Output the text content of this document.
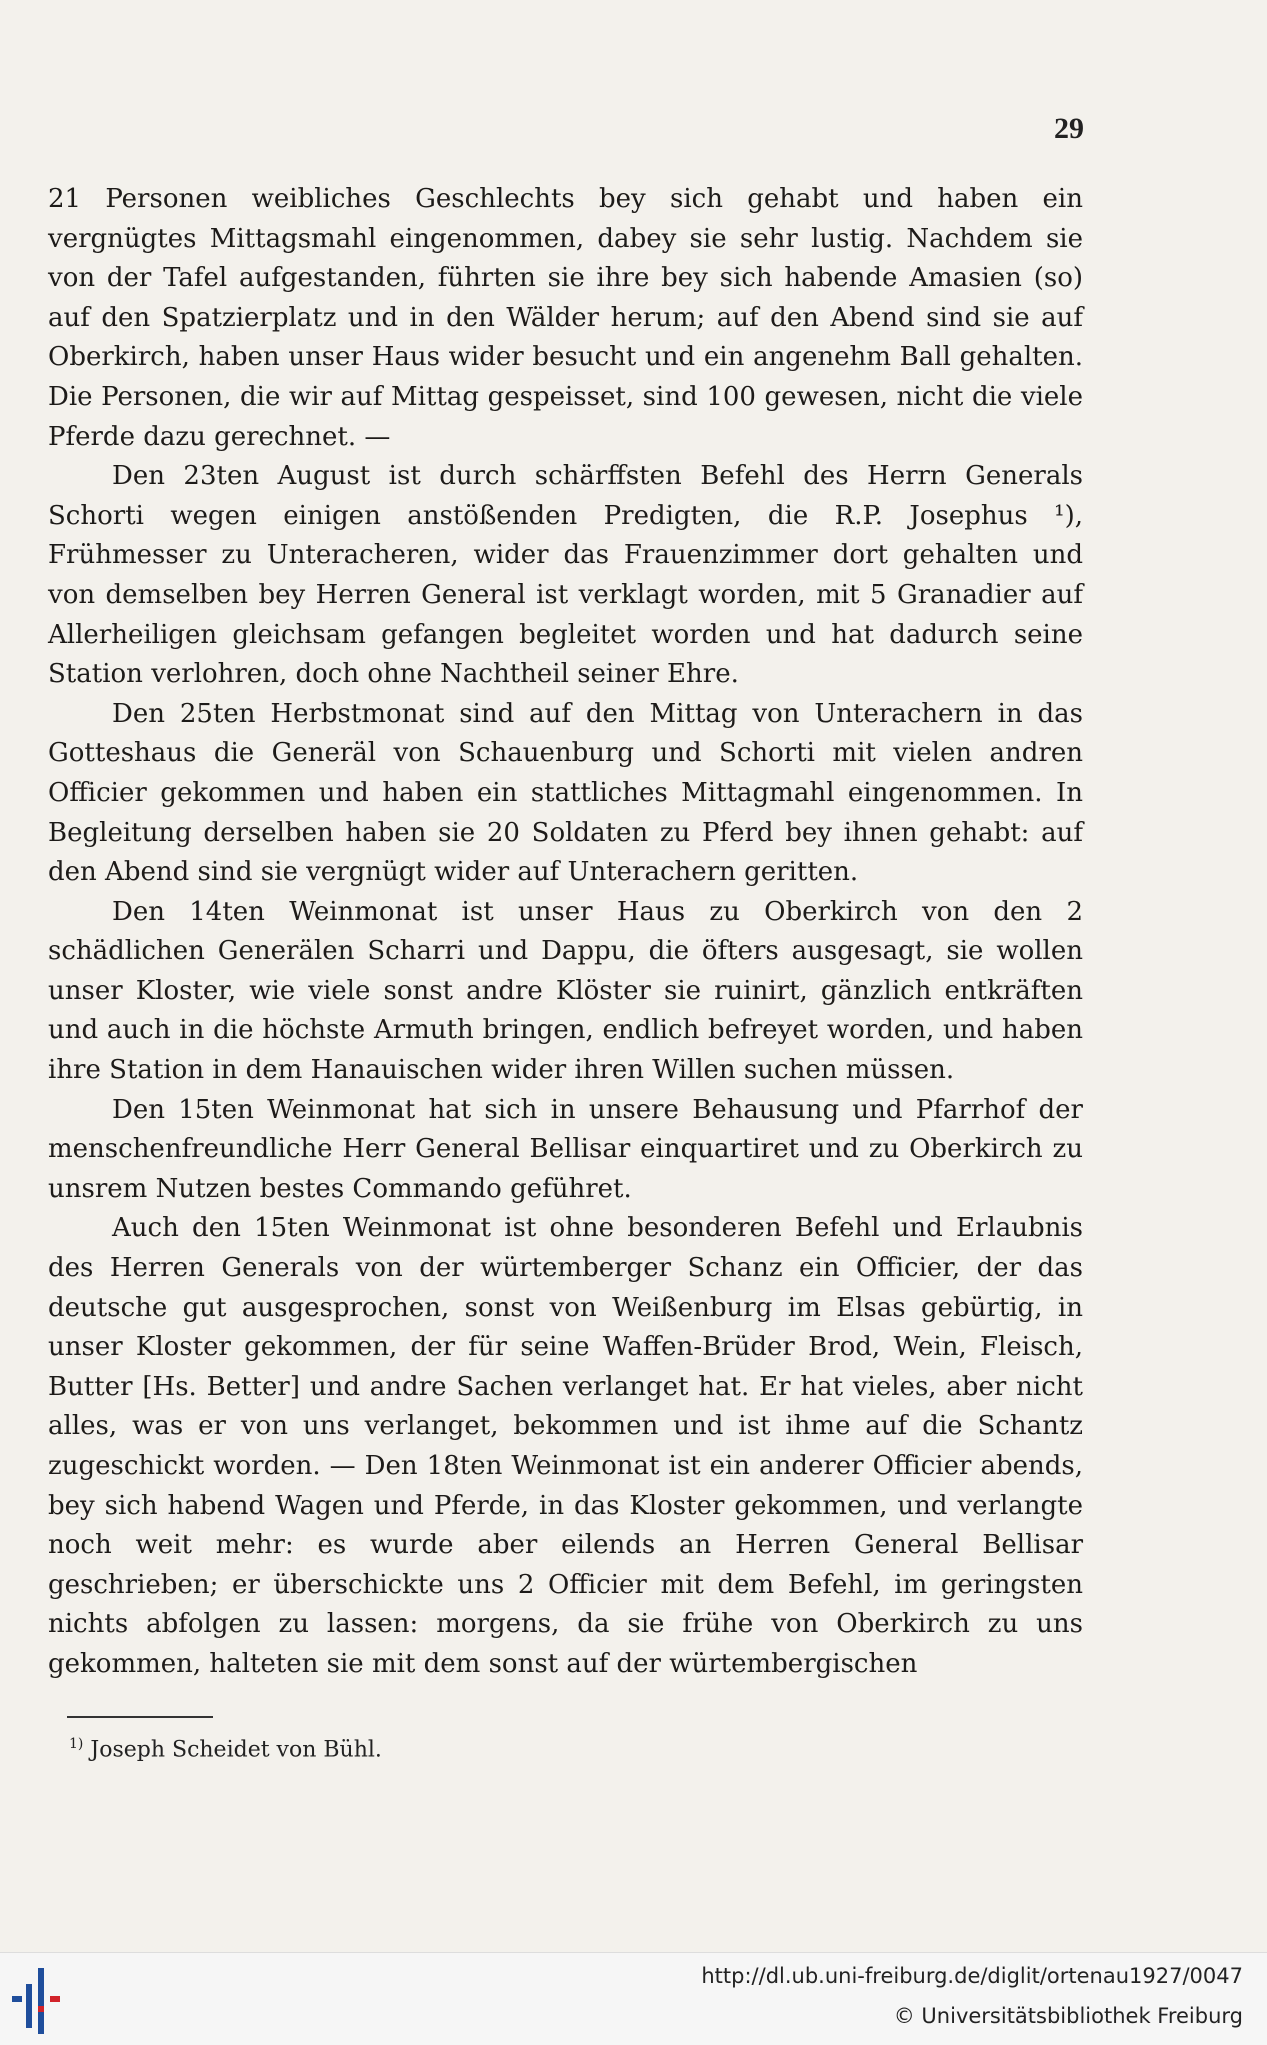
29

21 Personen weibliches Geschlechts bey sich gehabt und haben ein vergnügtes Mittagsmahl eingenommen, dabey sie sehr lustig. Nachdem sie von der Tafel aufgestanden, führten sie ihre bey sich habende Amasien (so) auf den Spatzierplatz und in den Wälder herum; auf den Abend sind sie auf Oberkirch, haben unser Haus wider besucht und ein angenehm Ball gehalten. Die Personen, die wir auf Mittag gespeisset, sind 100 gewesen, nicht die viele Pferde dazu gerechnet. —

Den 23ten August ist durch schärffsten Befehl des Herrn Generals Schorti wegen einigen anstößenden Predigten, die R.P. Josephus ¹), Frühmesser zu Unteracheren, wider das Frauenzimmer dort gehalten und von demselben bey Herren General ist verklagt worden, mit 5 Granadier auf Allerheiligen gleichsam gefangen begleitet worden und hat dadurch seine Station verlohren, doch ohne Nachtheil seiner Ehre.

Den 25ten Herbstmonat sind auf den Mittag von Unterachern in das Gotteshaus die Generäl von Schauenburg und Schorti mit vielen andren Officier gekommen und haben ein stattliches Mittagmahl eingenommen. In Begleitung derselben haben sie 20 Soldaten zu Pferd bey ihnen gehabt: auf den Abend sind sie vergnügt wider auf Unterachern geritten.

Den 14ten Weinmonat ist unser Haus zu Oberkirch von den 2 schädlichen Generälen Scharri und Dappu, die öfters ausgesagt, sie wollen unser Kloster, wie viele sonst andre Klöster sie ruinirt, gänzlich entkräften und auch in die höchste Armuth bringen, endlich befreyet worden, und haben ihre Station in dem Hanauischen wider ihren Willen suchen müssen.

Den 15ten Weinmonat hat sich in unsere Behausung und Pfarrhof der menschenfreundliche Herr General Bellisar einquartiret und zu Oberkirch zu unsrem Nutzen bestes Commando geführet.

Auch den 15ten Weinmonat ist ohne besonderen Befehl und Erlaubnis des Herren Generals von der würtemberger Schanz ein Officier, der das deutsche gut ausgesprochen, sonst von Weißenburg im Elsas gebürtig, in unser Kloster gekommen, der für seine Waffen-Brüder Brod, Wein, Fleisch, Butter [Hs. Better] und andre Sachen verlanget hat. Er hat vieles, aber nicht alles, was er von uns verlanget, bekommen und ist ihme auf die Schantz zugeschickt worden. — Den 18ten Weinmonat ist ein anderer Officier abends, bey sich habend Wagen und Pferde, in das Kloster gekommen, und verlangte noch weit mehr: es wurde aber eilends an Herren General Bellisar geschrieben; er überschickte uns 2 Officier mit dem Befehl, im geringsten nichts abfolgen zu lassen: morgens, da sie frühe von Oberkirch zu uns gekommen, halteten sie mit dem sonst auf der würtembergischen

$^{1)}$ Joseph Scheidet von Bühl.
http://dl.ub.uni-freiburg.de/diglit/ortenau1927/0047
© Universitätsbibliothek Freiburg
